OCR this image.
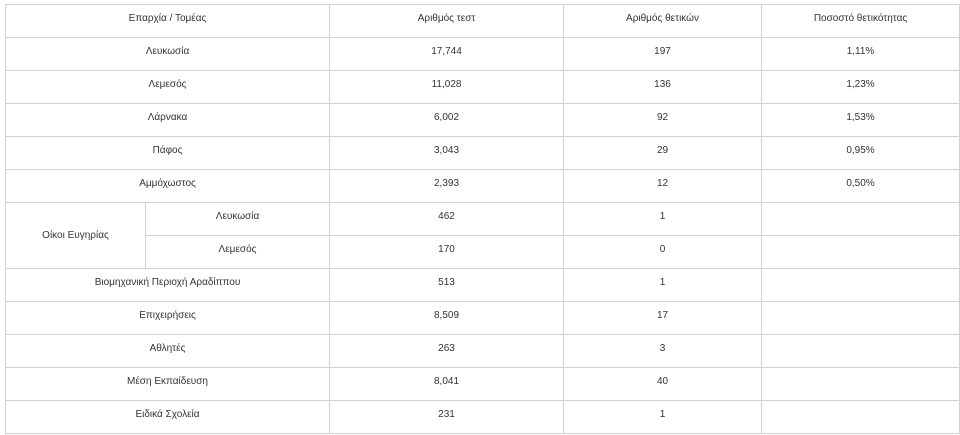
Επαρχία / Τομέας		Αριθμός τεστ	Αριθμός θετικών	Ποσοστό θετικότητας
Λευκωσία		17,744	197	1,11%
Λεμεσός		11,028	136	1,23%
Λάρνακα		6,002	92	1,53%
Πάφος		3,043	29	0,95%
Αμμόχωστος		2,393	12	0,50%
Οίκοι Ευγηρίας	Λευκωσία	462	1	
	Λεμεσός	170	0	
Βιομηχανική Περιοχή Αραδίππου		513	1	
Επιχειρήσεις		8,509	17	
Αθλητές		263	3	
Μέση Εκπαίδευση		8,041	40	
Ειδικά Σχολεία		231	1	
